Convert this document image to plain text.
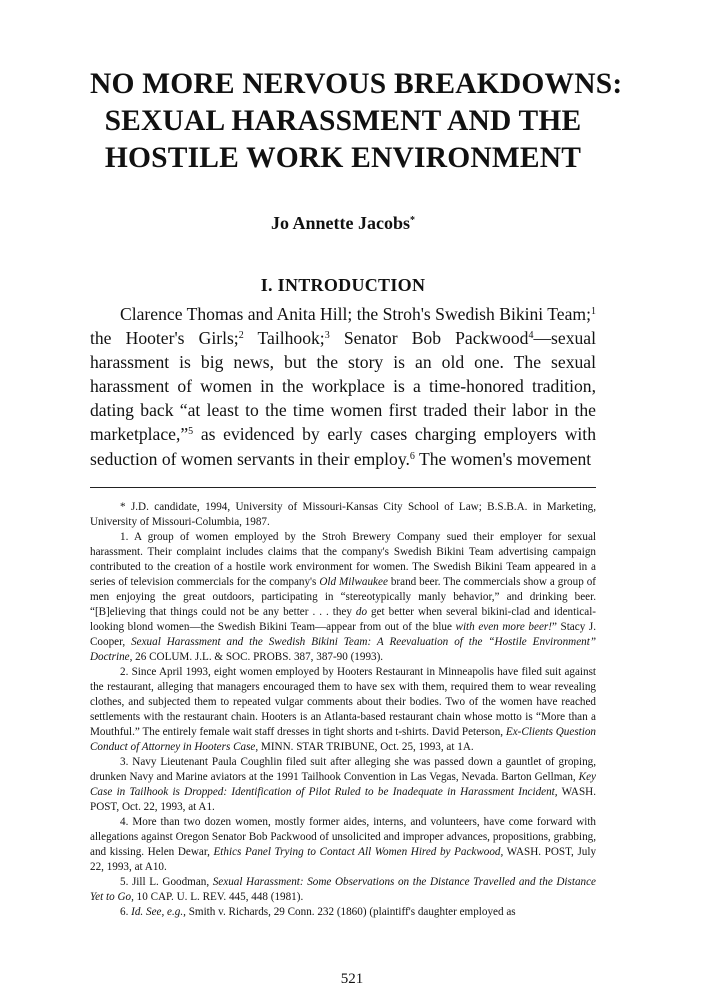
NO MORE NERVOUS BREAKDOWNS:
SEXUAL HARASSMENT AND THE
HOSTILE WORK ENVIRONMENT
Jo Annette Jacobs*
I. INTRODUCTION

Clarence Thomas and Anita Hill; the Stroh's Swedish Bikini Team;$^1$ the Hooter's Girls;$^2$ Tailhook;$^3$ Senator Bob Packwood$^4$—sexual harassment is big news, but the story is an old one. The sexual harassment of women in the workplace is a time-honored tradition, dating back “at least to the time women first traded their labor in the marketplace,”$^5$ as evidenced by early cases charging employers with seduction of women servants in their employ.$^6$ The women's movement

* J.D. candidate, 1994, University of Missouri-Kansas City School of Law; B.S.B.A. in Marketing, University of Missouri-Columbia, 1987.

1. A group of women employed by the Stroh Brewery Company sued their employer for sexual harassment. Their complaint includes claims that the company's Swedish Bikini Team advertising campaign contributed to the creation of a hostile work environment for women. The Swedish Bikini Team appeared in a series of television commercials for the company's Old Milwaukee brand beer. The commercials show a group of men enjoying the great outdoors, participating in “stereotypically manly behavior,” and drinking beer. “[B]elieving that things could not be any better . . . they do get better when several bikini-clad and identical-looking blond women—the Swedish Bikini Team—appear from out of the blue with even more beer!” Stacy J. Cooper, Sexual Harassment and the Swedish Bikini Team: A Reevaluation of the “Hostile Environment” Doctrine, 26 COLUM. J.L. & SOC. PROBS. 387, 387-90 (1993).

2. Since April 1993, eight women employed by Hooters Restaurant in Minneapolis have filed suit against the restaurant, alleging that managers encouraged them to have sex with them, required them to wear revealing clothes, and subjected them to repeated vulgar comments about their bodies. Two of the women have reached settlements with the restaurant chain. Hooters is an Atlanta-based restaurant chain whose motto is “More than a Mouthful.” The entirely female wait staff dresses in tight shorts and t-shirts. David Peterson, Ex-Clients Question Conduct of Attorney in Hooters Case, MINN. STAR TRIBUNE, Oct. 25, 1993, at 1A.

3. Navy Lieutenant Paula Coughlin filed suit after alleging she was passed down a gauntlet of groping, drunken Navy and Marine aviators at the 1991 Tailhook Convention in Las Vegas, Nevada. Barton Gellman, Key Case in Tailhook is Dropped: Identification of Pilot Ruled to be Inadequate in Harassment Incident, WASH. POST, Oct. 22, 1993, at A1.

4. More than two dozen women, mostly former aides, interns, and volunteers, have come forward with allegations against Oregon Senator Bob Packwood of unsolicited and improper advances, propositions, grabbing, and kissing. Helen Dewar, Ethics Panel Trying to Contact All Women Hired by Packwood, WASH. POST, July 22, 1993, at A10.

5. Jill L. Goodman, Sexual Harassment: Some Observations on the Distance Travelled and the Distance Yet to Go, 10 CAP. U. L. REV. 445, 448 (1981).

6. Id. See, e.g., Smith v. Richards, 29 Conn. 232 (1860) (plaintiff's daughter employed as

521
